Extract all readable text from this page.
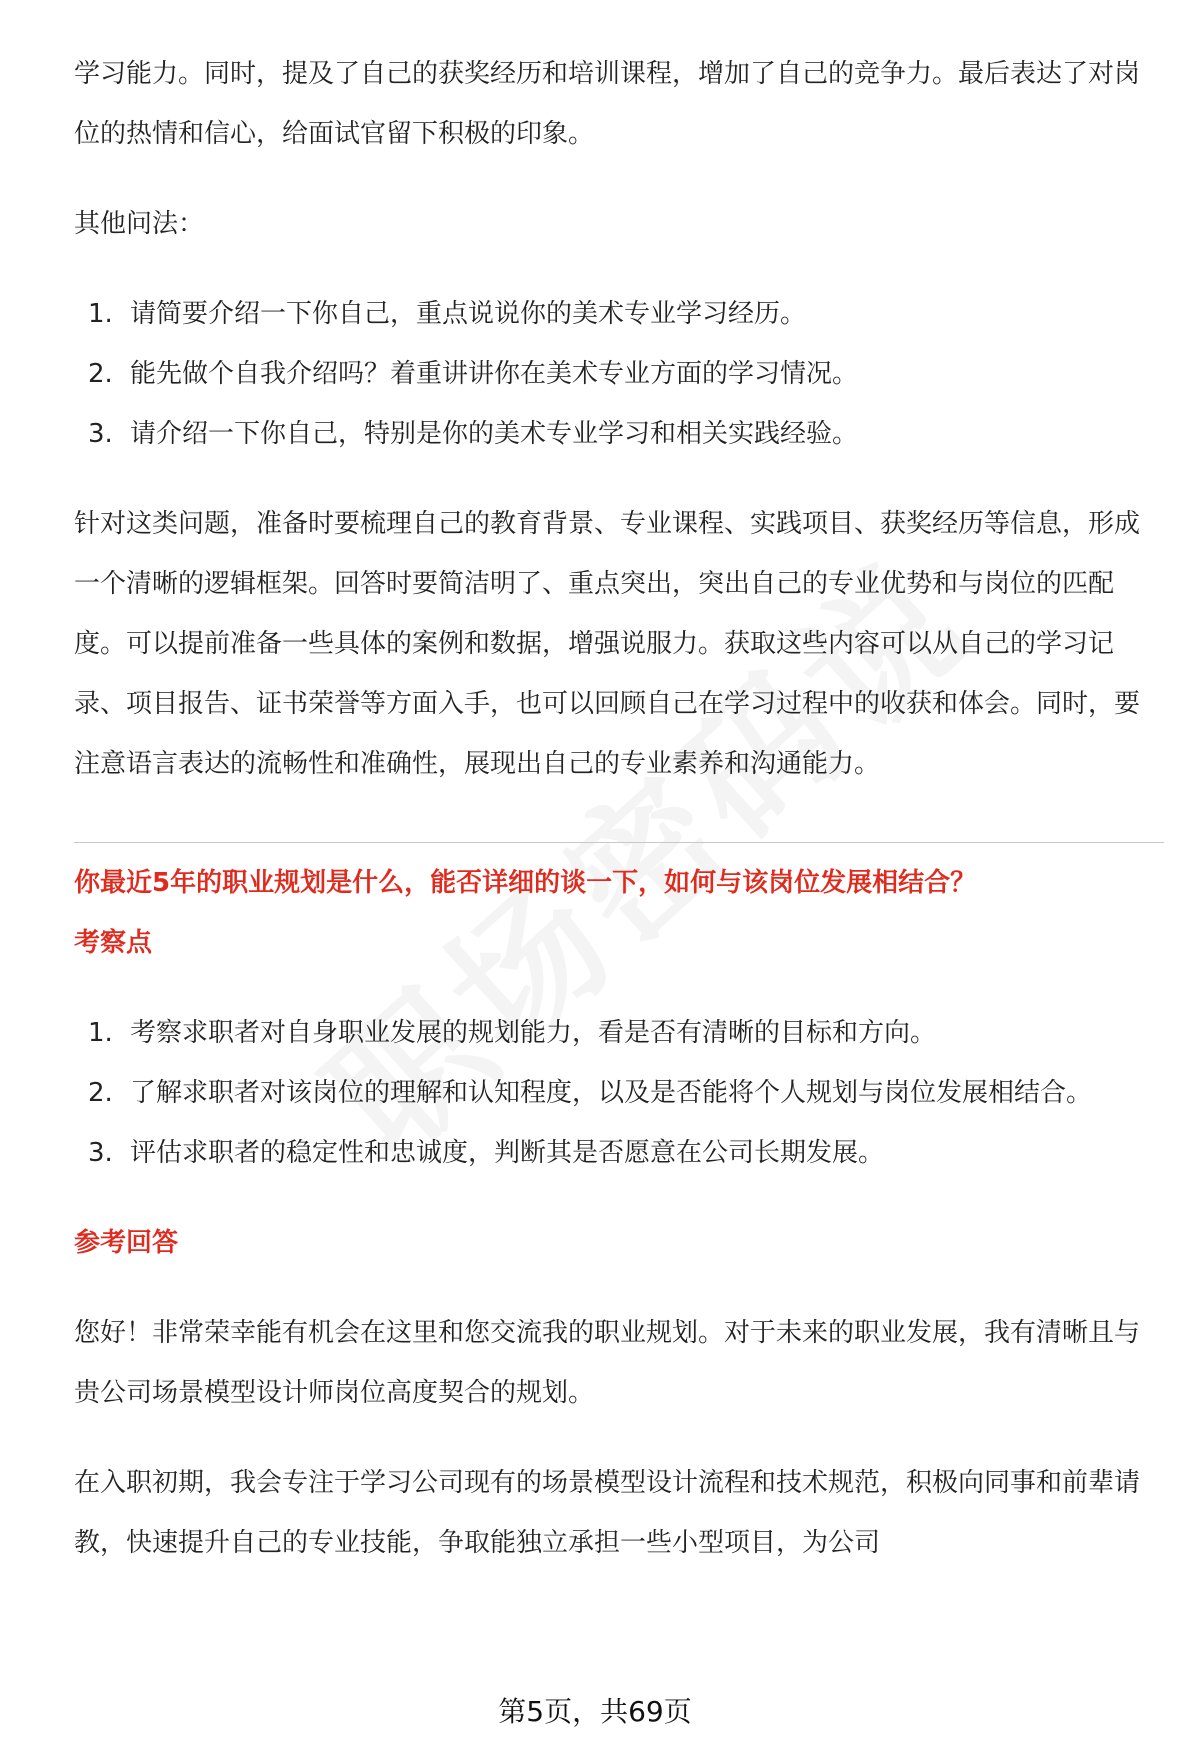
学习能力。同时，提及了自己的获奖经历和培训课程，增加了自己的竞争力。最后表达了对岗位的热情和信心，给面试官留下积极的印象。

其他问法：

1. 请简要介绍一下你自己，重点说说你的美术专业学习经历。
2. 能先做个自我介绍吗？着重讲讲你在美术专业方面的学习情况。
3. 请介绍一下你自己，特别是你的美术专业学习和相关实践经验。

针对这类问题，准备时要梳理自己的教育背景、专业课程、实践项目、获奖经历等信息，形成一个清晰的逻辑框架。回答时要简洁明了、重点突出，突出自己的专业优势和与岗位的匹配度。可以提前准备一些具体的案例和数据，增强说服力。获取这些内容可以从自己的学习记录、项目报告、证书荣誉等方面入手，也可以回顾自己在学习过程中的收获和体会。同时，要注意语言表达的流畅性和准确性，展现出自己的专业素养和沟通能力。

你最近5年的职业规划是什么，能否详细的谈一下，如何与该岗位发展相结合？
考察点
1. 考察求职者对自身职业发展的规划能力，看是否有清晰的目标和方向。
2. 了解求职者对该岗位的理解和认知程度，以及是否能将个人规划与岗位发展相结合。
3. 评估求职者的稳定性和忠诚度，判断其是否愿意在公司长期发展。
参考回答

您好！非常荣幸能有机会在这里和您交流我的职业规划。对于未来的职业发展，我有清晰且与贵公司场景模型设计师岗位高度契合的规划。

在入职初期，我会专注于学习公司现有的场景模型设计流程和技术规范，积极向同事和前辈请教，快速提升自己的专业技能，争取能独立承担一些小型项目，为公司

第5页，共69页
